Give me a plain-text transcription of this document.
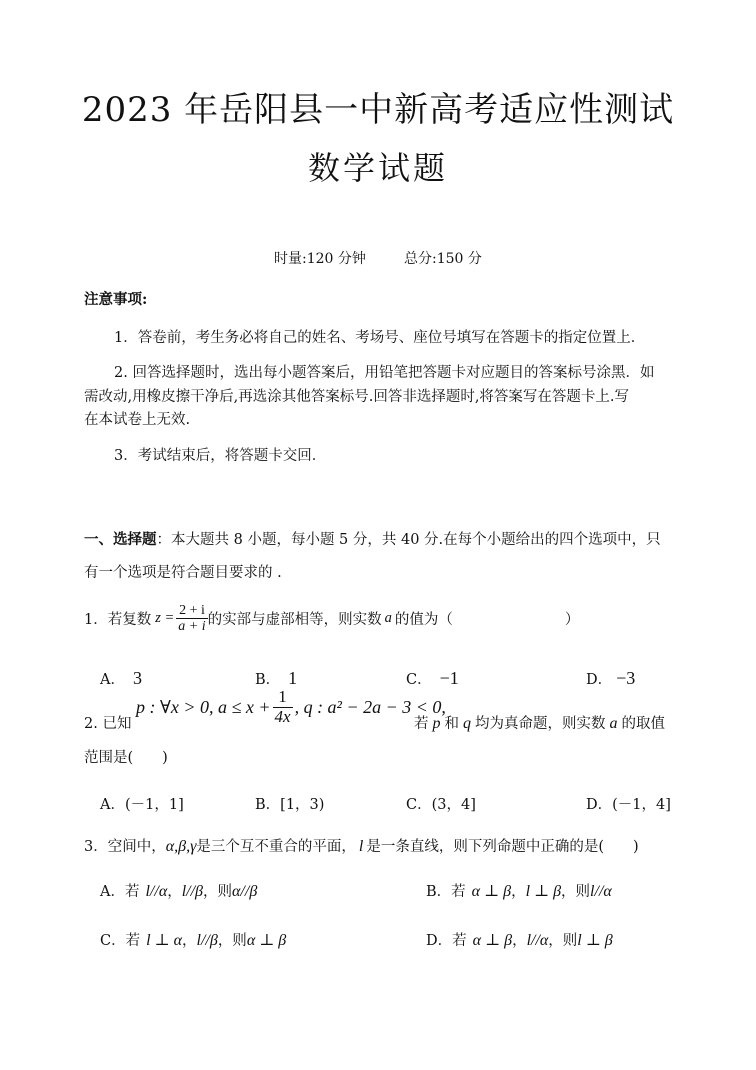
2023 年岳阳县一中新高考适应性测试
数学试题
时量:120 分钟	总分:150 分
注意事项:
1．答卷前，考生务必将自己的姓名、考场号、座位号填写在答题卡的指定位置上．
2. 回答选择题时，选出每小题答案后，用铅笔把答题卡对应题目的答案标号涂黑．如
需改动,用橡皮擦干净后,再选涂其他答案标号.回答非选择题时,将答案写在答题卡上.写
在本试卷上无效.
3．考试结束后，将答题卡交回．
一、选择题：本大题共 8 小题，每小题 5 分，共 40 分.在每个小题给出的四个选项中，只
有一个选项是符合题目要求的 .
1．若复数 $z = \frac{2 + i}{a + i}$ 的实部与虚部相等，则实数 a 的值为（	）
A． 3	B． 1	C． −1	D． −3
2. 已知
p : ∀x > 0, $a \le x + \frac{1}{4x}$ , q : a² − 2a − 3 < 0,
若 p 和 q 均为真命题，则实数 a 的取值
范围是(　　)
A．(－1，1]	B．[1，3)	C．(3，4]	D．(－1，4]
3．空间中，α,β,γ是三个互不重合的平面， l 是一条直线，则下列命题中正确的是(　　)
A．若 l//α，l//β，则α//β	B．若 α ⊥ β，l ⊥ β，则l//α
C．若 l ⊥ α，l//β，则α ⊥ β	D．若 α ⊥ β，l//α，则l ⊥ β
